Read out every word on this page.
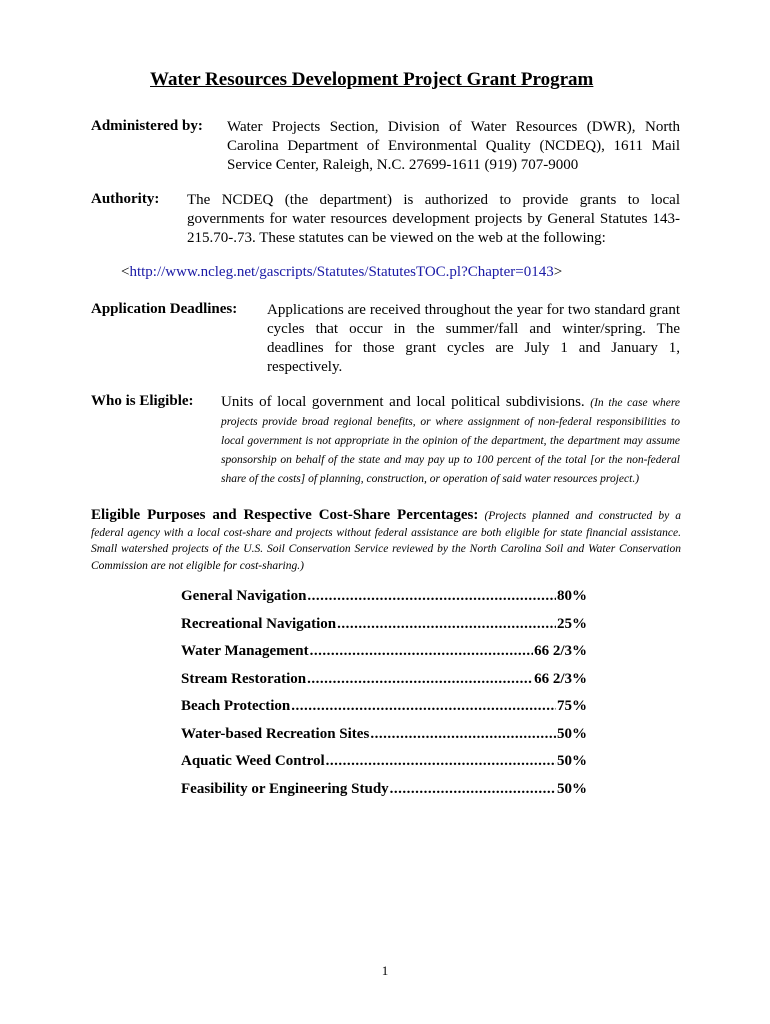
Water Resources Development Project Grant Program
Administered by: Water Projects Section, Division of Water Resources (DWR), North Carolina Department of Environmental Quality (NCDEQ), 1611 Mail Service Center, Raleigh, N.C. 27699-1611 (919) 707-9000
Authority: The NCDEQ (the department) is authorized to provide grants to local governments for water resources development projects by General Statutes 143-215.70-.73. These statutes can be viewed on the web at the following:
<http://www.ncleg.net/gascripts/Statutes/StatutesTOC.pl?Chapter=0143>
Application Deadlines: Applications are received throughout the year for two standard grant cycles that occur in the summer/fall and winter/spring. The deadlines for those grant cycles are July 1 and January 1, respectively.
Who is Eligible: Units of local government and local political subdivisions. (In the case where projects provide broad regional benefits, or where assignment of non-federal responsibilities to local government is not appropriate in the opinion of the department, the department may assume sponsorship on behalf of the state and may pay up to 100 percent of the total [or the non-federal share of the costs] of planning, construction, or operation of said water resources project.)
Eligible Purposes and Respective Cost-Share Percentages: (Projects planned and constructed by a federal agency with a local cost-share and projects without federal assistance are both eligible for state financial assistance. Small watershed projects of the U.S. Soil Conservation Service reviewed by the North Carolina Soil and Water Conservation Commission are not eligible for cost-sharing.)
General Navigation .....	80%
Recreational Navigation .....	25%
Water Management .....	66 2/3%
Stream Restoration .....	66 2/3%
Beach Protection .....	75%
Water-based Recreation Sites .....	50%
Aquatic Weed Control .....	50%
Feasibility or Engineering Study .....	50%
1
